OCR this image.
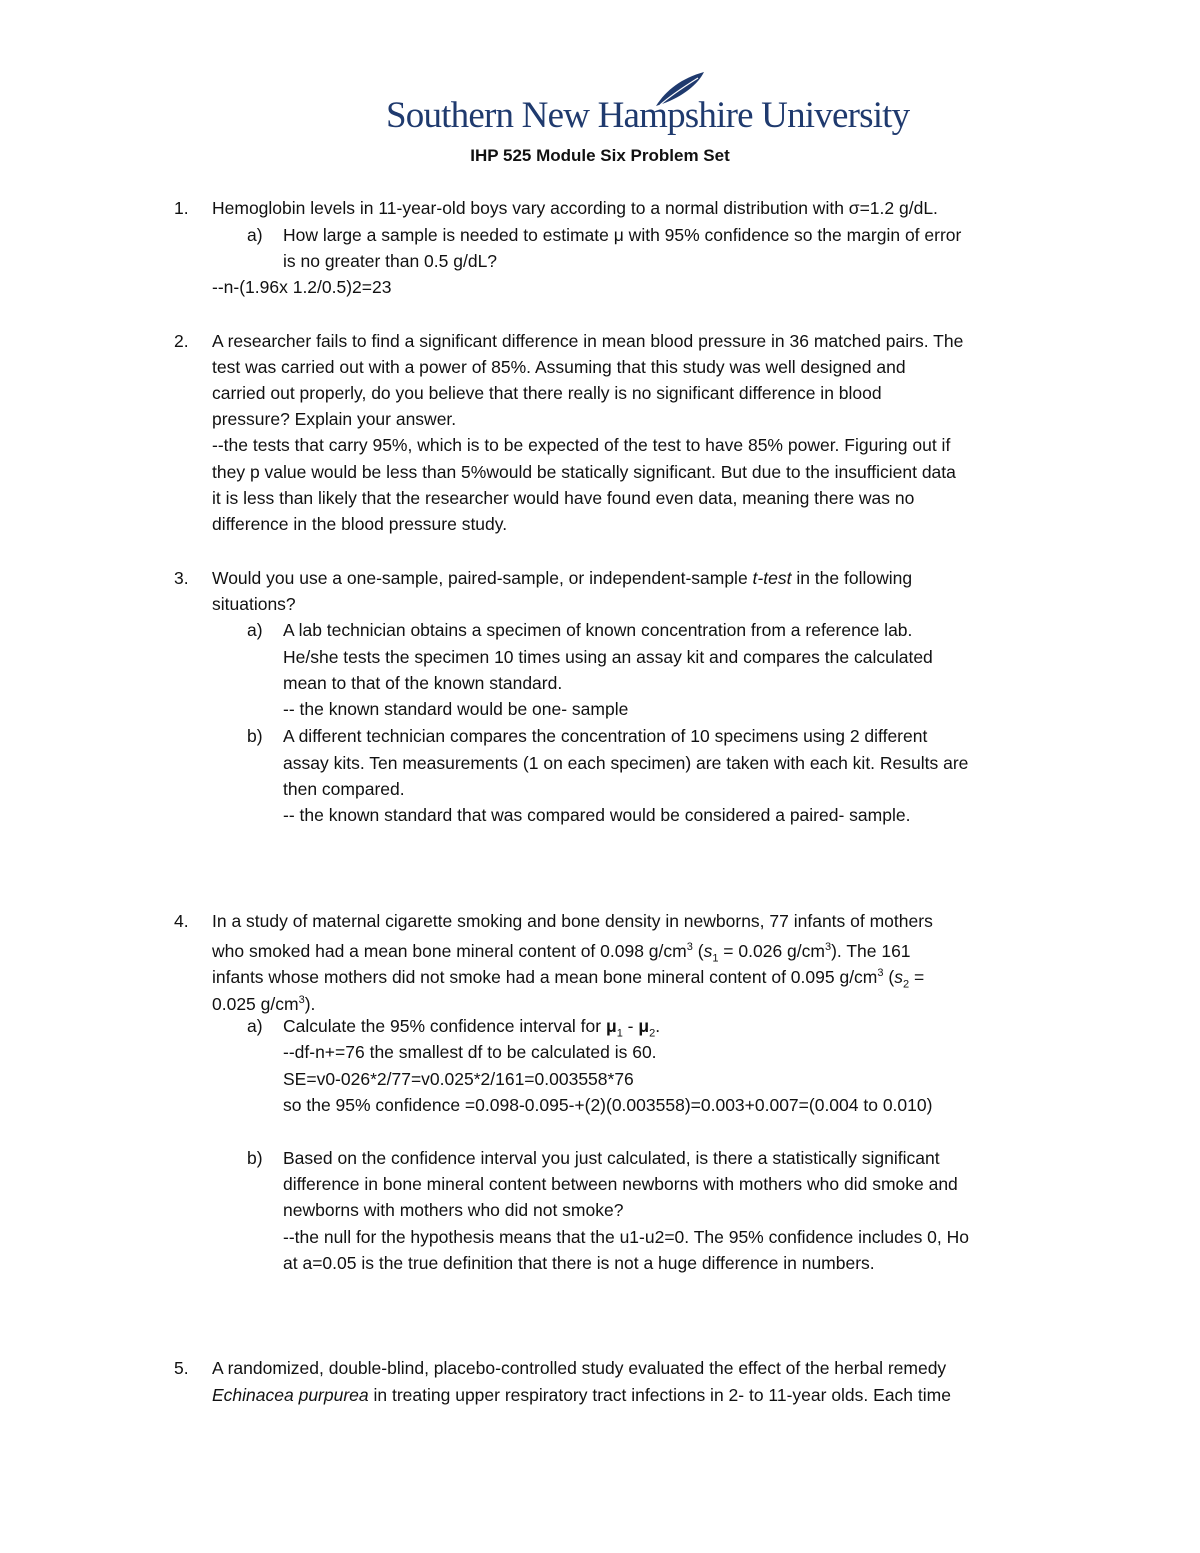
Southern New Hampshire University
IHP 525 Module Six Problem Set
1. Hemoglobin levels in 11-year-old boys vary according to a normal distribution with σ=1.2 g/dL.
a) How large a sample is needed to estimate μ with 95% confidence so the margin of error
is no greater than 0.5 g/dL?
--n-(1.96x 1.2/0.5)2=23
2. A researcher fails to find a significant difference in mean blood pressure in 36 matched pairs. The
test was carried out with a power of 85%. Assuming that this study was well designed and
carried out properly, do you believe that there really is no significant difference in blood
pressure? Explain your answer.
--the tests that carry 95%, which is to be expected of the test to have 85% power. Figuring out if
they p value would be less than 5%would be statically significant. But due to the insufficient data
it is less than likely that the researcher would have found even data, meaning there was no
difference in the blood pressure study.
3. Would you use a one-sample, paired-sample, or independent-sample t-test in the following
situations?
a) A lab technician obtains a specimen of known concentration from a reference lab.
He/she tests the specimen 10 times using an assay kit and compares the calculated
mean to that of the known standard.
-- the known standard would be one- sample
b) A different technician compares the concentration of 10 specimens using 2 different
assay kits. Ten measurements (1 on each specimen) are taken with each kit. Results are
then compared.
-- the known standard that was compared would be considered a paired- sample.
4. In a study of maternal cigarette smoking and bone density in newborns, 77 infants of mothers
who smoked had a mean bone mineral content of 0.098 $g/cm^3$ ($s_1 = 0.026$ $g/cm^3$). The 161
infants whose mothers did not smoke had a mean bone mineral content of 0.095 $g/cm^3$ ($s_2$ =
0.025 $g/cm^3$).
a) Calculate the 95% confidence interval for $\mu_1 - \mu_2$.
--df-n+=76 the smallest df to be calculated is 60.
SE=v0-026*2/77=v0.025*2/161=0.003558*76
so the 95% confidence =0.098-0.095-+(2)(0.003558)=0.003+0.007=(0.004 to 0.010)
b) Based on the confidence interval you just calculated, is there a statistically significant
difference in bone mineral content between newborns with mothers who did smoke and
newborns with mothers who did not smoke?
--the null for the hypothesis means that the u1-u2=0. The 95% confidence includes 0, Ho
at a=0.05 is the true definition that there is not a huge difference in numbers.
5. A randomized, double-blind, placebo-controlled study evaluated the effect of the herbal remedy
Echinacea purpurea in treating upper respiratory tract infections in 2- to 11-year olds. Each time
